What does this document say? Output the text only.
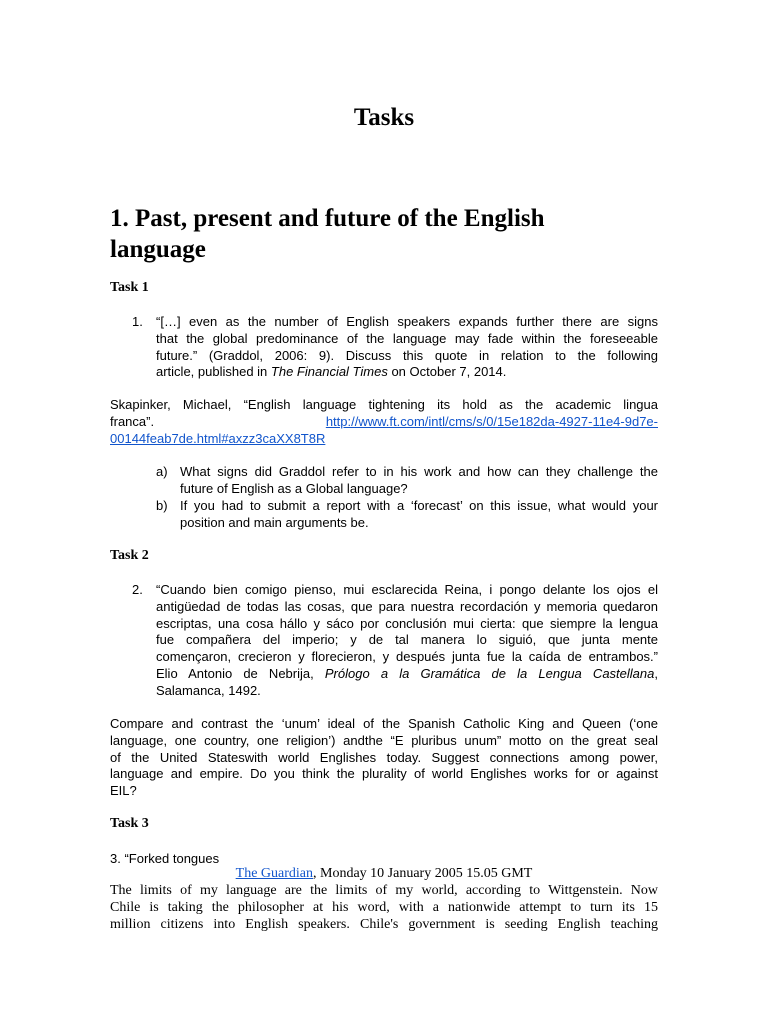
Tasks
1. Past, present and future of the English
language
Task 1
1. “[…] even as the number of English speakers expands further there are signs
that the global predominance of the language may fade within the foreseeable
future.” (Graddol, 2006: 9). Discuss this quote in relation to the following
article, published in The Financial Times on October 7, 2014.
Skapinker, Michael, “English language tightening its hold as the academic lingua
franca”.	http://www.ft.com/intl/cms/s/0/15e182da-4927-11e4-9d7e-
00144feab7de.html#axzz3caXX8T8R
a) What signs did Graddol refer to in his work and how can they challenge the
future of English as a Global language?
b) If you had to submit a report with a ‘forecast’ on this issue, what would your
position and main arguments be.
Task 2
2. “Cuando bien comigo pienso, mui esclarecida Reina, i pongo delante los ojos el
antigüedad de todas las cosas, que para nuestra recordación y memoria quedaron
escriptas, una cosa hállo y sáco por conclusión mui cierta: que siempre la lengua
fue compañera del imperio; y de tal manera lo siguió, que junta mente
començaron, crecieron y florecieron, y después junta fue la caída de entrambos.”
Elio Antonio de Nebrija, Prólogo a la Gramática de la Lengua Castellana,
Salamanca, 1492.
Compare and contrast the ‘unum’ ideal of the Spanish Catholic King and Queen (‘one
language, one country, one religion’) andthe “E pluribus unum” motto on the great seal
of the United Stateswith world Englishes today. Suggest connections among power,
language and empire. Do you think the plurality of world Englishes works for or against
EIL?
Task 3
3. “Forked tongues
The Guardian, Monday 10 January 2005 15.05 GMT
The limits of my language are the limits of my world, according to Wittgenstein. Now
Chile is taking the philosopher at his word, with a nationwide attempt to turn its 15
million citizens into English speakers. Chile's government is seeding English teaching
